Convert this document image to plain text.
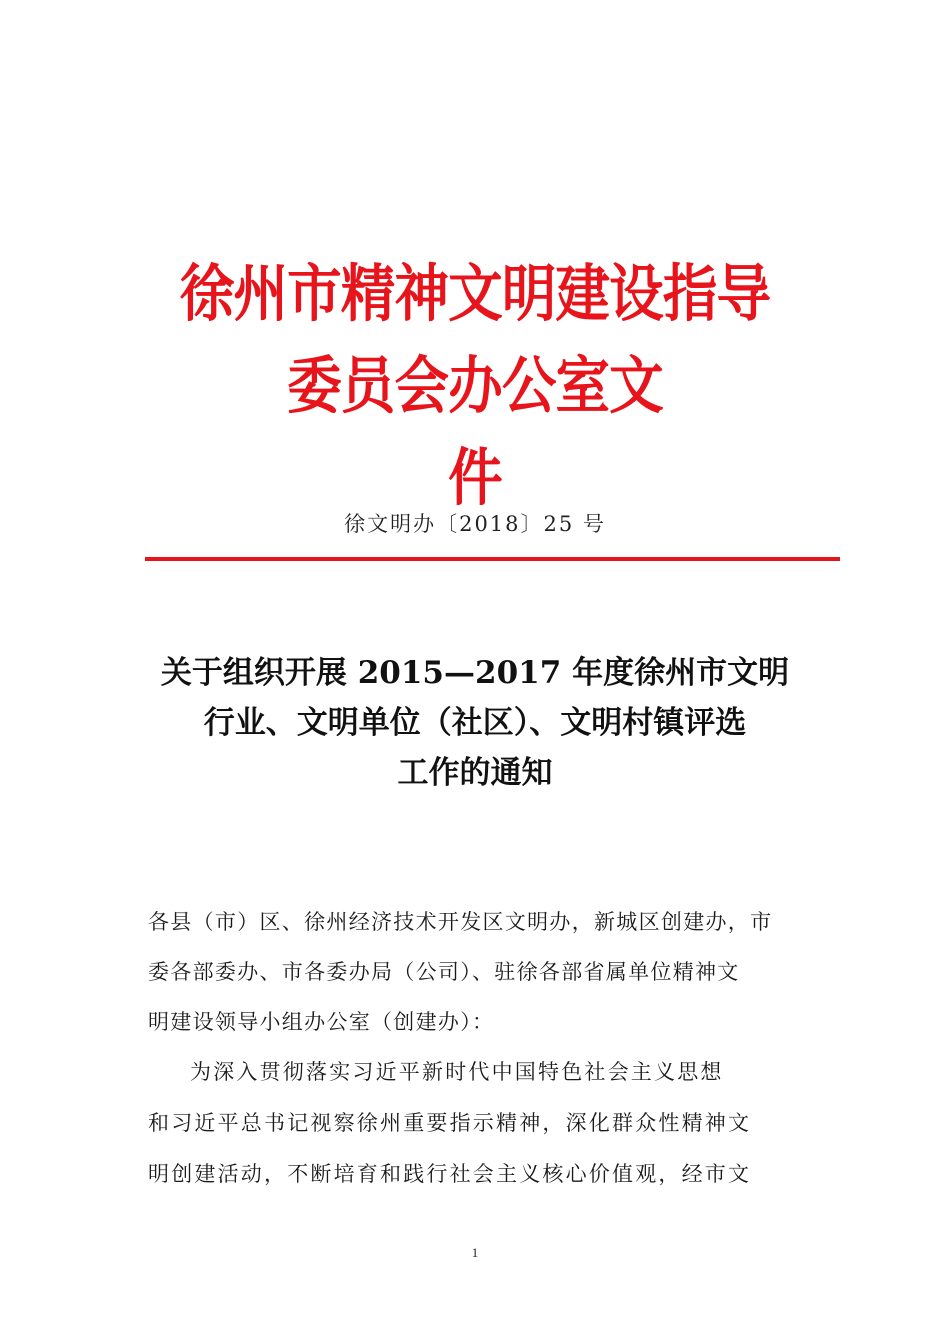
徐州市精神文明建设指导委员会办公室文
件
徐文明办〔2018〕25 号
关于组织开展 2015—2017 年度徐州市文明
行业、文明单位（社区）、文明村镇评选
工作的通知
各县（市）区、徐州经济技术开发区文明办，新城区创建办，市
委各部委办、市各委办局（公司）、驻徐各部省属单位精神文
明建设领导小组办公室（创建办）：
为深入贯彻落实习近平新时代中国特色社会主义思想
和习近平总书记视察徐州重要指示精神，深化群众性精神文
明创建活动，不断培育和践行社会主义核心价值观，经市文
1
